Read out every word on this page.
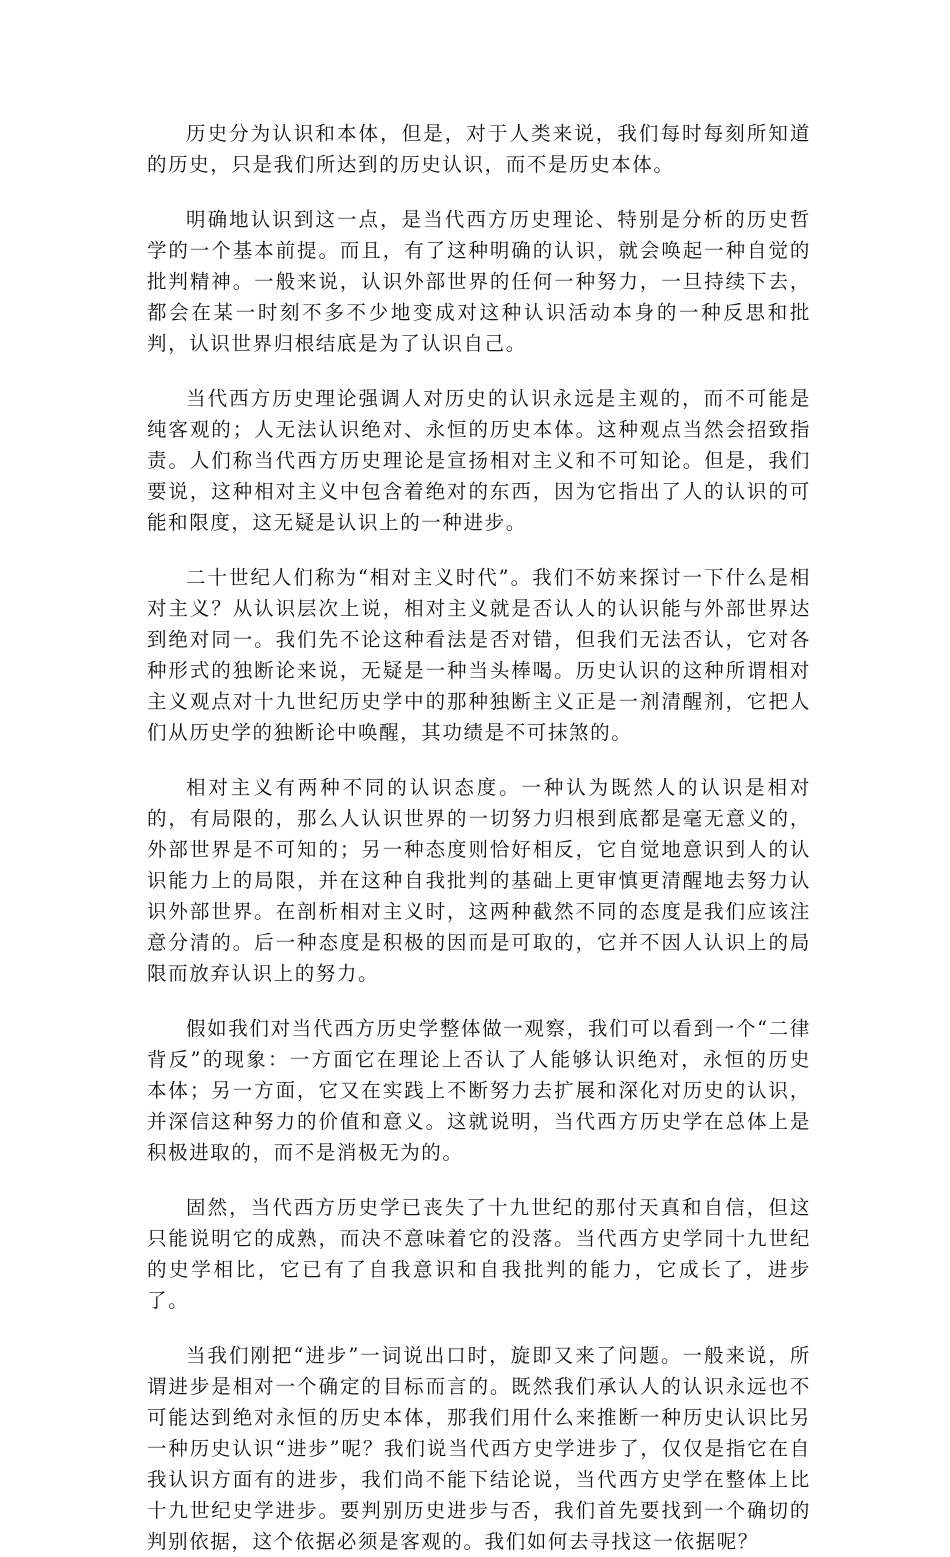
历史分为认识和本体，但是，对于人类来说，我们每时每刻所知道的历史，只是我们所达到的历史认识，而不是历史本体。

明确地认识到这一点，是当代西方历史理论、特别是分析的历史哲学的一个基本前提。而且，有了这种明确的认识，就会唤起一种自觉的批判精神。一般来说，认识外部世界的任何一种努力，一旦持续下去，都会在某一时刻不多不少地变成对这种认识活动本身的一种反思和批判，认识世界归根结底是为了认识自己。

当代西方历史理论强调人对历史的认识永远是主观的，而不可能是纯客观的；人无法认识绝对、永恒的历史本体。这种观点当然会招致指责。人们称当代西方历史理论是宣扬相对主义和不可知论。但是，我们要说，这种相对主义中包含着绝对的东西，因为它指出了人的认识的可能和限度，这无疑是认识上的一种进步。

二十世纪人们称为“相对主义时代”。我们不妨来探讨一下什么是相对主义？从认识层次上说，相对主义就是否认人的认识能与外部世界达到绝对同一。我们先不论这种看法是否对错，但我们无法否认，它对各种形式的独断论来说，无疑是一种当头棒喝。历史认识的这种所谓相对主义观点对十九世纪历史学中的那种独断主义正是一剂清醒剂，它把人们从历史学的独断论中唤醒，其功绩是不可抹煞的。

相对主义有两种不同的认识态度。一种认为既然人的认识是相对的，有局限的，那么人认识世界的一切努力归根到底都是毫无意义的，外部世界是不可知的；另一种态度则恰好相反，它自觉地意识到人的认识能力上的局限，并在这种自我批判的基础上更审慎更清醒地去努力认识外部世界。在剖析相对主义时，这两种截然不同的态度是我们应该注意分清的。后一种态度是积极的因而是可取的，它并不因人认识上的局限而放弃认识上的努力。

假如我们对当代西方历史学整体做一观察，我们可以看到一个“二律背反”的现象：一方面它在理论上否认了人能够认识绝对，永恒的历史本体；另一方面，它又在实践上不断努力去扩展和深化对历史的认识，并深信这种努力的价值和意义。这就说明，当代西方历史学在总体上是积极进取的，而不是消极无为的。

固然，当代西方历史学已丧失了十九世纪的那付天真和自信，但这只能说明它的成熟，而决不意味着它的没落。当代西方史学同十九世纪的史学相比，它已有了自我意识和自我批判的能力，它成长了，进步了。

当我们刚把“进步”一词说出口时，旋即又来了问题。一般来说，所谓进步是相对一个确定的目标而言的。既然我们承认人的认识永远也不可能达到绝对永恒的历史本体，那我们用什么来推断一种历史认识比另一种历史认识“进步”呢？我们说当代西方史学进步了，仅仅是指它在自我认识方面有的进步，我们尚不能下结论说，当代西方史学在整体上比十九世纪史学进步。要判别历史进步与否，我们首先要找到一个确切的判别依据，这个依据必须是客观的。我们如何去寻找这一依据呢？
